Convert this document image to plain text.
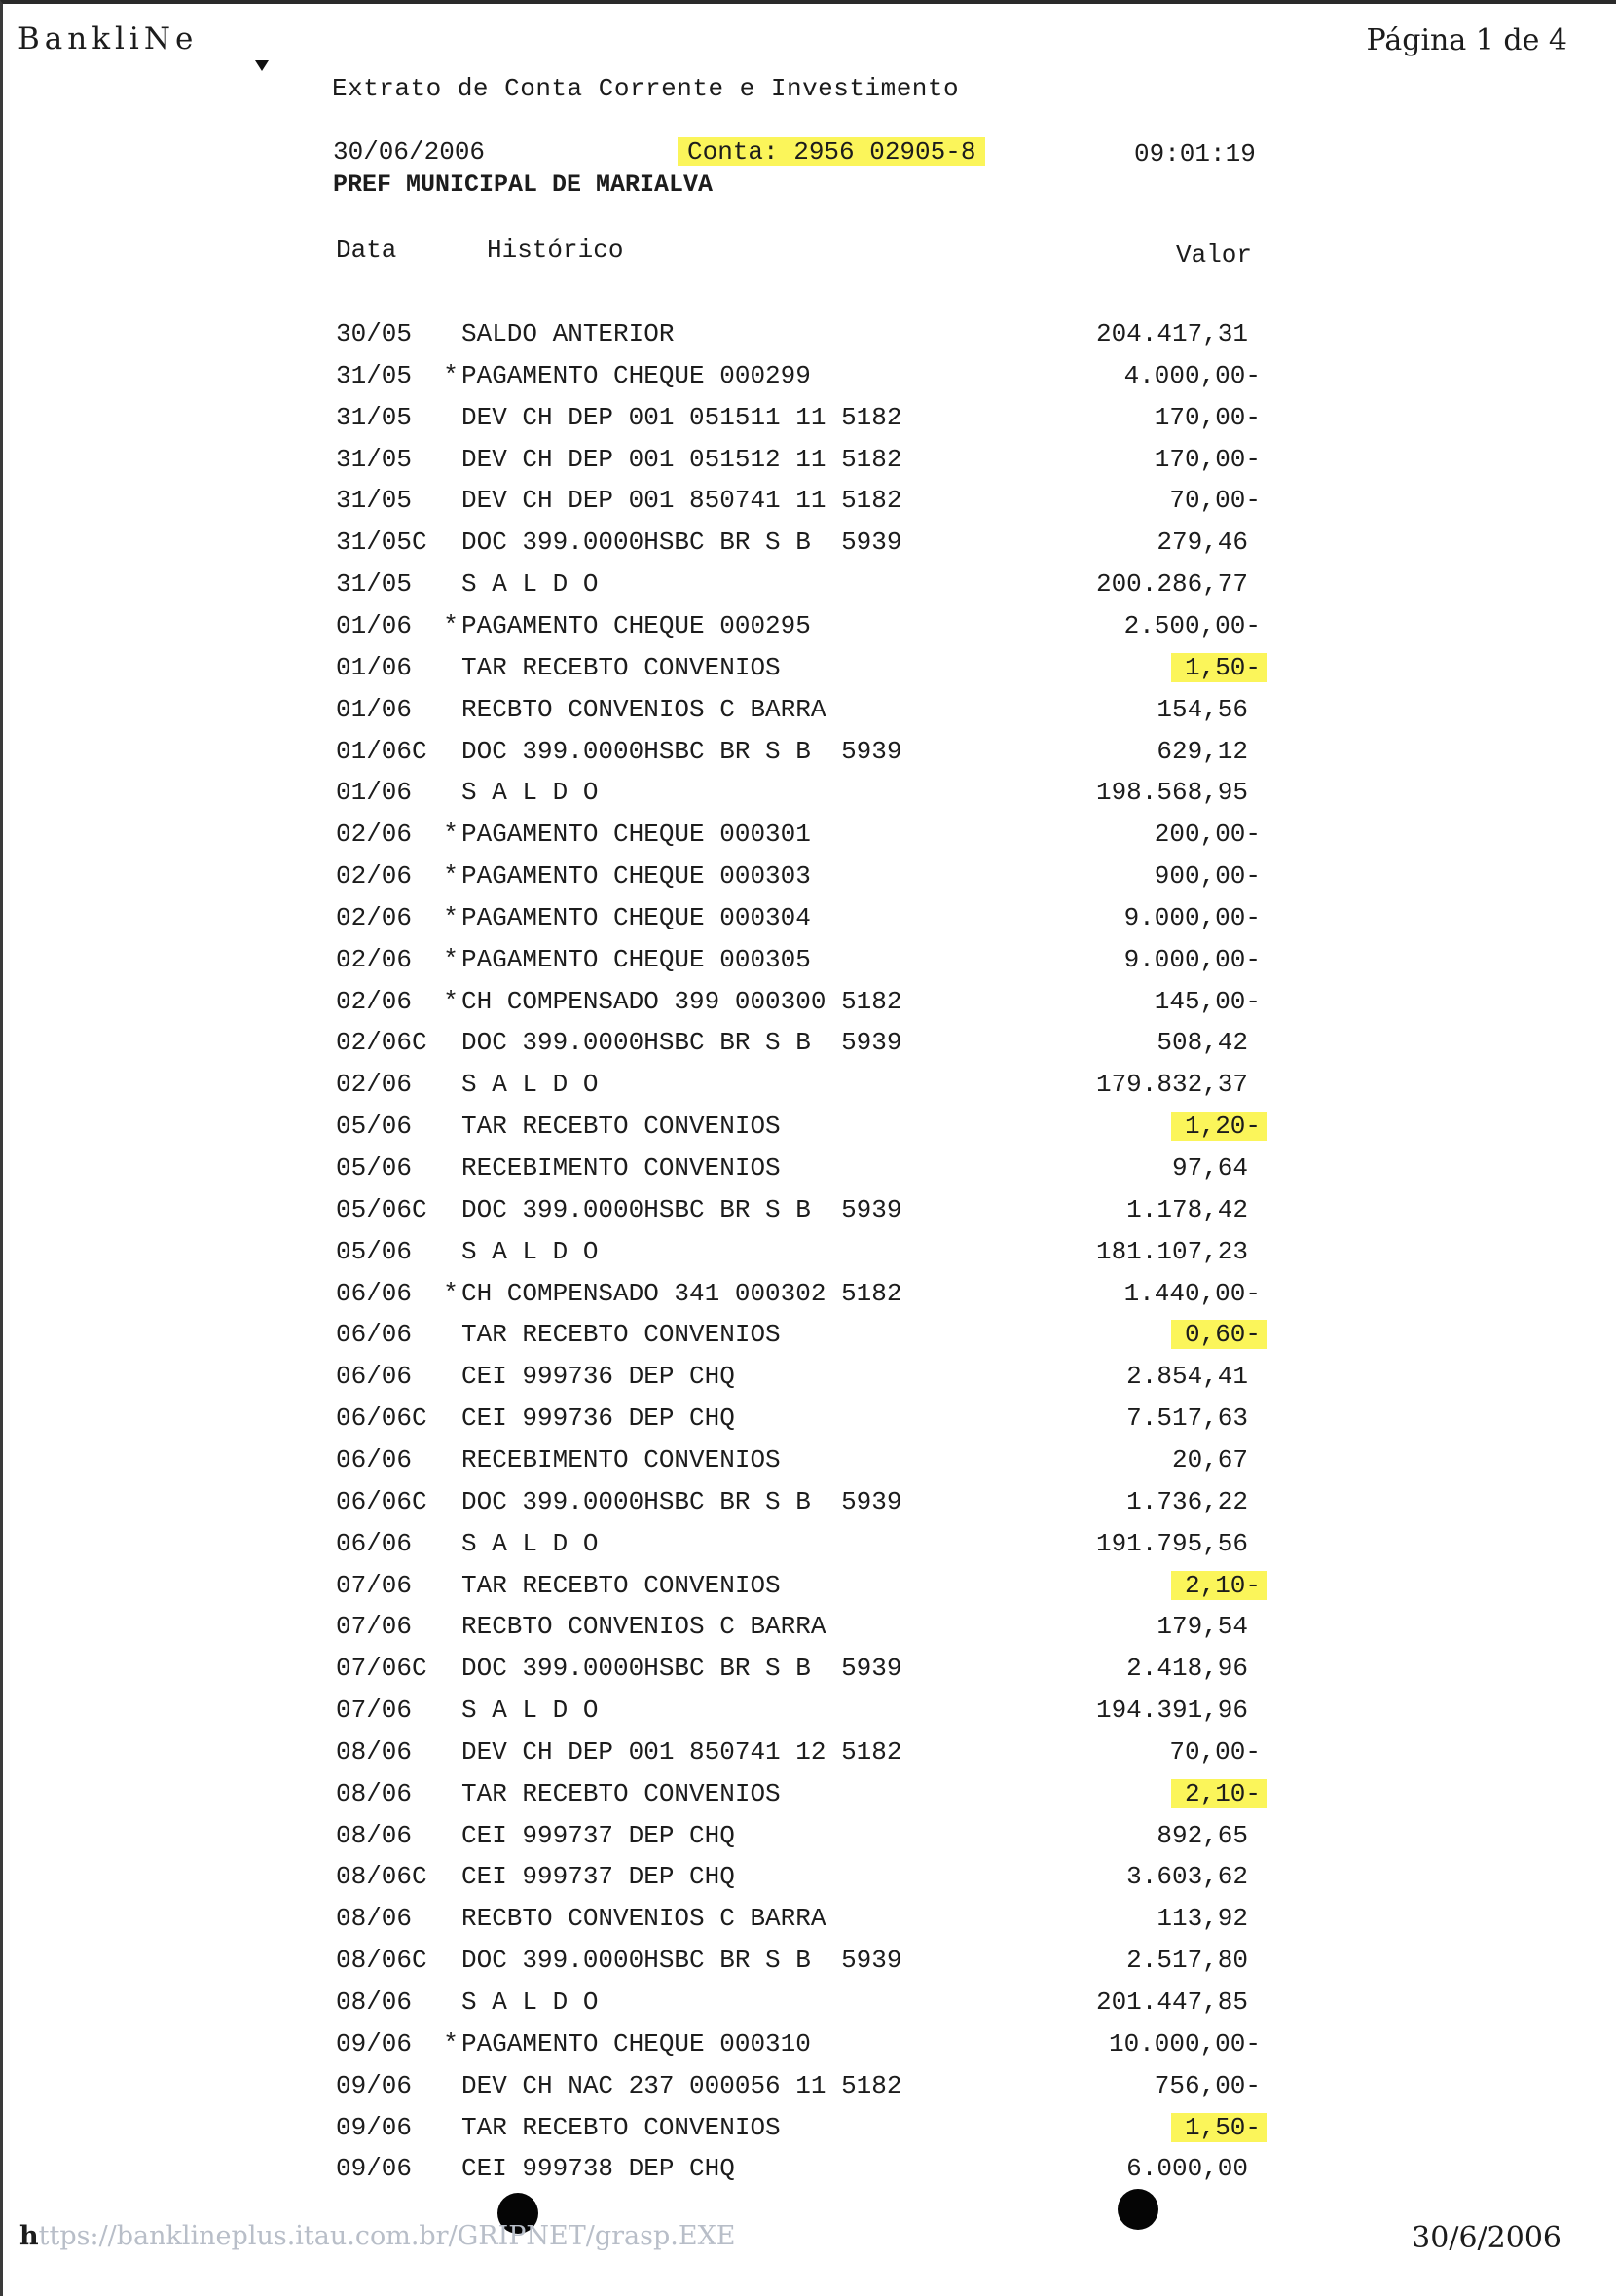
BankliNe	Página 1 de 4
Extrato de Conta Corrente e Investimento
30/06/2006	Conta: 2956 02905-8	09:01:19
PREF MUNICIPAL DE MARIALVA
Data	Histórico	Valor
30/05 SALDO ANTERIOR	204.417,31
31/05 * PAGAMENTO CHEQUE 000299	4.000,00-
31/05 DEV CH DEP 001 051511 11 5182	170,00-
31/05 DEV CH DEP 001 051512 11 5182	170,00-
31/05 DEV CH DEP 001 850741 11 5182	70,00-
31/05C DOC 399.0000HSBC BR S B  5939	279,46
31/05 S A L D O	200.286,77
01/06 * PAGAMENTO CHEQUE 000295	2.500,00-
01/06 TAR RECEBTO CONVENIOS	1,50-
01/06 RECBTO CONVENIOS C BARRA	154,56
01/06C DOC 399.0000HSBC BR S B  5939	629,12
01/06 S A L D O	198.568,95
02/06 * PAGAMENTO CHEQUE 000301	200,00-
02/06 * PAGAMENTO CHEQUE 000303	900,00-
02/06 * PAGAMENTO CHEQUE 000304	9.000,00-
02/06 * PAGAMENTO CHEQUE 000305	9.000,00-
02/06 * CH COMPENSADO 399 000300 5182	145,00-
02/06C DOC 399.0000HSBC BR S B  5939	508,42
02/06 S A L D O	179.832,37
05/06 TAR RECEBTO CONVENIOS	1,20-
05/06 RECEBIMENTO CONVENIOS	97,64
05/06C DOC 399.0000HSBC BR S B  5939	1.178,42
05/06 S A L D O	181.107,23
06/06 * CH COMPENSADO 341 000302 5182	1.440,00-
06/06 TAR RECEBTO CONVENIOS	0,60-
06/06 CEI 999736 DEP CHQ	2.854,41
06/06C CEI 999736 DEP CHQ	7.517,63
06/06 RECEBIMENTO CONVENIOS	20,67
06/06C DOC 399.0000HSBC BR S B  5939	1.736,22
06/06 S A L D O	191.795,56
07/06 TAR RECEBTO CONVENIOS	2,10-
07/06 RECBTO CONVENIOS C BARRA	179,54
07/06C DOC 399.0000HSBC BR S B  5939	2.418,96
07/06 S A L D O	194.391,96
08/06 DEV CH DEP 001 850741 12 5182	70,00-
08/06 TAR RECEBTO CONVENIOS	2,10-
08/06 CEI 999737 DEP CHQ	892,65
08/06C CEI 999737 DEP CHQ	3.603,62
08/06 RECBTO CONVENIOS C BARRA	113,92
08/06C DOC 399.0000HSBC BR S B  5939	2.517,80
08/06 S A L D O	201.447,85
09/06 * PAGAMENTO CHEQUE 000310	10.000,00-
09/06 DEV CH NAC 237 000056 11 5182	756,00-
09/06 TAR RECEBTO CONVENIOS	1,50-
09/06 CEI 999738 DEP CHQ	6.000,00
https://banklineplus.itau.com.br/GRIPNET/grasp.EXE	30/6/2006
